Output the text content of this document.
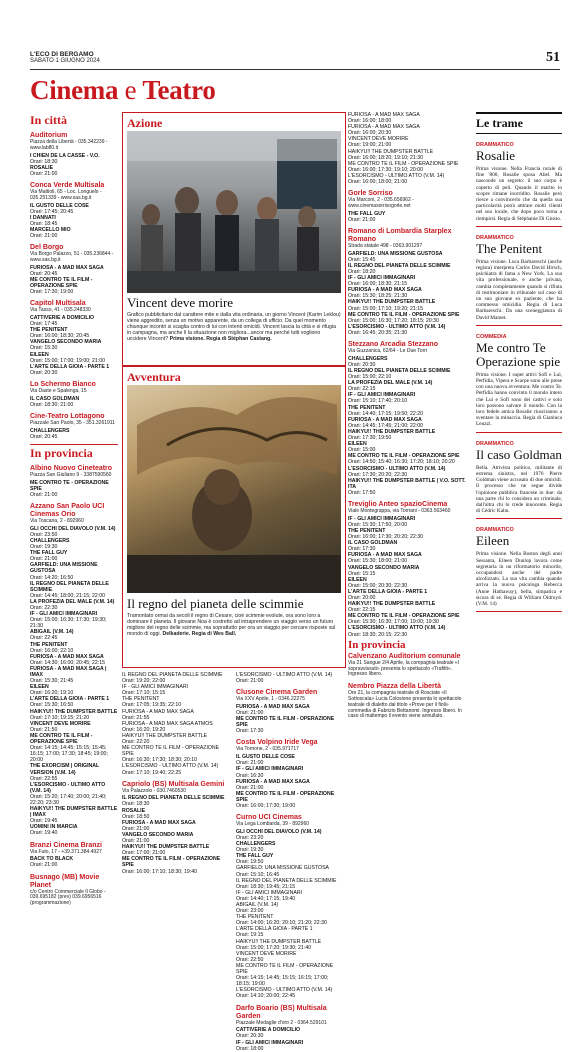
L'ECO DI BERGAMO
SABATO 1 GIUGNO 2024	51
Cinema e Teatro
In città
Auditorium
Piazza della Libertà - 035.342239 - www.lab80.it

I CHIEN DE LA CASSE - V.O.
Orari: 18:30

ROSALIE
Orari: 21:00

Conca Verde Multisala
Via Mattioli, 65 - Loc. Longuelo - 035.251339 - www.sas.bg.it

IL GUSTO DELLE COSE
Orari: 17:45; 20:45

I DANNATI
Orari: 18:45

MARCELLO MIO
Orari: 21:00

Del Borgo
Via Borgo Palazzo, 51 - 035.236844 - www.sas.bg.it

FURIOSA - A MAD MAX SAGA
Orari: 20:45

ME CONTRO TE IL FILM - OPERAZIONE SPIE
Orari: 17:30; 19:00

Capitol Multisala
Via Tasso, 41 - 035.248330

CATTIVERIE A DOMICILIO
Orari: 17:45

THE PENITENT
Orari: 16:00; 18:30; 20:45

VANGELO SECONDO MARIA
Orari: 15:30

EILEEN
Orari: 15:00; 17:00; 19:00; 21:00

L'ARTE DELLA GIOIA - PARTE 1
Orari: 20:30

Lo Schermo Bianco
Via Daste e Spalenga, 15

IL CASO GOLDMAN
Orari: 18:30; 21:00

Cine-Teatro Lottagono
Piazzale San Paolo, 35 - 351.3261911

CHALLENGERS
Orari: 20:45

In provincia
Albino Nuovo Cineteatro
Piazza San Giuliano 9 - 3387590560

ME CONTRO TE - OPERAZIONE SPIE
Orari: 21:00

Azzano San Paolo UCI Cinemas Orio
Via Toscana, 2 - 892960

GLI OCCHI DEL DIAVOLO (V.M. 14)
Orari: 23:50

CHALLENGERS
Orari: 19:30

THE FALL GUY
Orari: 21:00

GARFIELD: UNA MISSIONE GUSTOSA
Orari: 14:20; 16:50

IL REGNO DEL PIANETA DELLE SCIMMIE
Orari: 14:45; 18:00; 21:15; 22:00

LA PROFEZIA DEL MALE (V.M. 14)
Orari: 22:30

IF - GLI AMICI IMMAGINARI
Orari: 15:00; 16:30; 17:30; 19:30; 21:30

ABIGAIL (V.M. 14)
Orari: 22:45

THE PENITENT
Orari: 16:00; 22:10

FURIOSA - A MAD MAX SAGA
Orari: 14:30; 16:00; 20:45; 22:15

FURIOSA - A MAD MAX SAGA | IMAX
Orari: 15:30; 21:45

EILEEN
Orari: 16:20; 19:10

L'ARTE DELLA GIOIA - PARTE 1
Orari: 15:30; 16:50

HAIKYU!! THE DUMPSTER BATTLE
Orari: 17:10; 19:15; 21:20

VINCENT DEVE MORIRE
Orari: 21:50

ME CONTRO TE IL FILM - OPERAZIONE SPIE
Orari: 14:15; 14:45; 15:15; 15:45; 16:15; 17:00; 17:30; 18:45; 19:00; 20:00

THE EXORCISM | ORIGINAL VERSION (V.M. 14)
Orari: 22:55

L'ESORCISMO - ULTIMO ATTO (V.M. 14)
Orari: 15:20; 17:40; 20:00; 21:40; 22:20; 23:30

HAIKYU!! THE DUMPSTER BATTLE | IMAX
Orari: 19:45

UOMINI IN MARCIA
Orari: 19:40

Branzi Cinema Branzi
Via Futo, 17 - +39.371.384.4927

BACK TO BLACK
Orari: 21:00

Busnago (MB) Movie Planet
c/o Centro Commerciale Il Globo - 039.695182 (prev) 039.6956516 (programmazione)
Azione
Vincent deve morire
Grafico pubblicitario dal carattere mite e dalla vita ordinaria, un giorno Vincent (Karim Leklou) viene aggredito, senza un motivo apparente, da un collega di ufficio. Da quel momento chiunque incontri si scaglia contro di lui con intenti omicidi. Vincent lascia la città e si rifugia in campagna, ma anche lì la situazione non migliora...ancor ma perché tutti vogliono uccidere Vincent? Prima visione. Regia di Stéphan Castang.
Avventura
Il regno del pianeta delle scimmie
Tramontato ormai da secoli il regno di Cesare, cioè scimmie evolute, ora sono loro a dominare il pianeta. Il giovane Noa è costretto ad intraprendere un viaggio verso un futuro migliore del regno delle scimmie, ma soprattutto per ora un viaggio per cercare risposte sul mondo di oggi. Delkaderie. Regia di Wes Ball.

IL REGNO DEL PIANETA DELLE SCIMMIE
Orari: 19:20; 22:00

IF - GLI AMICI IMMAGINARI
Orari: 17:10; 15:15

THE PENITENT
Orari: 17:05; 19:35; 22:10

FURIOSA - A MAD MAX SAGA
Orari: 21:55

FURIOSA - A MAD MAX SAGA ATMOS
Orari: 16:20; 19:20

HAIKYU!! THE DUMPSTER BATTLE
Orari: 22:20

ME CONTRO TE IL FILM - OPERAZIONE SPIE
Orari: 16:30; 17:30; 18:30; 20:10

L'ESORCISMO - ULTIMO ATTO (V.M. 14)
Orari: 17:10; 19:40; 22:25

Capriolo (BS) Multisala Gemini
Via Palazzolo - 030.7460530

IL REGNO DEL PIANETA DELLE SCIMMIE
Orari: 18:30

ROSALIE
Orari: 18:50

FURIOSA - A MAD MAX SAGA
Orari: 21:00

VANGELO SECONDO MARIA
Orari: 21:00

HAIKYU!! THE DUMPSTER BATTLE
Orari: 17:00; 21:00

ME CONTRO TE IL FILM - OPERAZIONE SPIE
Orari: 16:00; 17:10; 18:30; 19:40

L'ESORCISMO - ULTIMO ATTO (V.M. 14)
Orari: 21:00

Clusone Cinema Garden
Via XXV Aprile, 1 - 0346.22275

FURIOSA - A MAD MAX SAGA
Orari: 21:00

ME CONTRO TE IL FILM - OPERAZIONE SPIE
Orari: 17:30

Costa Volpino Iride Vega
Via Torrione, 2 - 035.971717

IL GUSTO DELLE COSE
Orari: 21:00

IF - GLI AMICI IMMAGINARI
Orari: 16:30

FURIOSA - A MAD MAX SAGA
Orari: 21:00

ME CONTRO TE IL FILM - OPERAZIONE SPIE
Orari: 16:00; 17:30; 19:00

Curno UCI Cinemas
Via Lega Lombarda, 39 - 892960

GLI OCCHI DEL DIAVOLO (V.M. 14)
Orari: 23:20

CHALLENGERS
Orari: 19:30

THE FALL GUY
Orari: 19:50

GARFIELD: UNA MISSIONE GUSTOSA
Orari: 15:10; 16:45

IL REGNO DEL PIANETA DELLE SCIMMIE
Orari: 18:30; 19:45; 21:15

IF - GLI AMICI IMMAGINARI
Orari: 14:40; 17:15; 19:40

ABIGAIL (V.M. 14)
Orari: 23:00

THE PENITENT
Orari: 14:00; 16:20; 20:10; 21:20; 22:30

L'ARTE DELLA GIOIA - PARTE 1
Orari: 19:15

HAIKYU!! THE DUMPSTER BATTLE
Orari: 15:00; 17:20; 19:30; 21:40

VINCENT DEVE MORIRE
Orari: 22:50

ME CONTRO TE IL FILM - OPERAZIONE SPIE
Orari: 14:15; 14:45; 15:15; 16:15; 17:00; 18:15; 19:00

L'ESORCISMO - ULTIMO ATTO (V.M. 14)
Orari: 14:10; 20:00; 22:45

Darfo Boario (BS) Multisala Garden
Piazzale Medaglie d'oro 2 - 0364.529101

CATTIVERIE A DOMICILIO
Orari: 20:30

IF - GLI AMICI IMMAGINARI
Orari: 18:00

FURIOSA - A MAD MAX SAGA
Orari: 16:00; 18:00

FURIOSA - A MAD MAX SAGA
Orari: 16:00; 20:30

VINCENT DEVE MORIRE
Orari: 19:00; 21:00

HAIKYU!! THE DUMPSTER BATTLE
Orari: 16:00; 18:20; 19:10; 21:30

ME CONTRO TE IL FILM - OPERAZIONE SPIE
Orari: 16:00; 17:30; 19:10; 20:00

L'ESORCISMO - ULTIMO ATTO (V.M. 14)
Orari: 16:00; 18:00; 21:00

Gorle Sorriso
Via Marconi, 2 - 035.656962 - www.cinemasorrisogorle.net

THE FALL GUY
Orari: 21:00

Romano di Lombardia Starplex Romano
Strada statale 498 - 0363.901297

GARFIELD: UNA MISSIONE GUSTOSA
Orari: 15:45

IL REGNO DEL PIANETA DELLE SCIMMIE
Orari: 18:20

IF - GLI AMICI IMMAGINARI
Orari: 16:00; 18:30; 21:15

FURIOSA - A MAD MAX SAGA
Orari: 15:30; 18:25; 21:30

HAIKYU!! THE DUMPSTER BATTLE
Orari: 15:00; 17:10; 19:20; 21:15

ME CONTRO TE IL FILM - OPERAZIONE SPIE
Orari: 15:00; 16:30; 17:20; 18:15; 20:30

L'ESORCISMO - ULTIMO ATTO (V.M. 14)
Orari: 16:45; 20:35; 21:30

Stezzano Arcadia Stezzano
Via Guzzanica, 62/64 - Le Due Torri

CHALLENGERS
Orari: 20:30

IL REGNO DEL PIANETA DELLE SCIMMIE
Orari: 15:00; 22:10

LA PROFEZIA DEL MALE (V.M. 14)
Orari: 22:15

IF - GLI AMICI IMMAGINARI
Orari: 15:10; 17:40; 20:10

THE PENITENT
Orari: 14:40; 17:15; 19:50; 22:20

FURIOSA - A MAD MAX SAGA
Orari: 14:45; 17:45; 21:00; 22:00

HAIKYU!! THE DUMPSTER BATTLE
Orari: 17:30; 19:50

EILEEN
Orari: 15:00

ME CONTRO TE IL FILM - OPERAZIONE SPIE
Orari: 14:50; 15:40; 16:30; 17:20; 18:10; 20:20

L'ESORCISMO - ULTIMO ATTO (V.M. 14)
Orari: 17:30; 20:20; 22:30

HAIKYU!! THE DUMPSTER BATTLE | V.O. SOTT. ITA
Orari: 17:50

Treviglio Anteo spazioCinema
Viale Montegrappa, via Torriani - 0363.563460

IF - GLI AMICI IMMAGINARI
Orari: 15:30; 17:50; 20:00

THE PENITENT
Orari: 16:00; 17:30; 20:20; 22:30

IL CASO GOLDMAN
Orari: 17:30

FURIOSA - A MAD MAX SAGA
Orari: 15:30; 18:00; 21:00

VANGELO SECONDO MARIA
Orari: 15:15

EILEEN
Orari: 15:00; 20:30; 22:30

L'ARTE DELLA GIOIA - PARTE 1
Orari: 20:00

HAIKYU!! THE DUMPSTER BATTLE
Orari: 22:15

ME CONTRO TE IL FILM - OPERAZIONE SPIE
Orari: 15:30; 16:30; 17:00; 19:00; 19:30

L'ESORCISMO - ULTIMO ATTO (V.M. 14)
Orari: 18:30; 20:15; 22:30

In provincia
Calvenzano Auditorium comunale
Via 21 Sangue 2/4 Aprile, la compagnia teatrale «I sopravvissuti» presenta lo spettacolo «Trafitti». Ingresso libero.
Nembro Piazza della Libertà
Ore 21, la compagnia teatrale di Rosciate «Il Sottoscala» Lucia Colosione presenta lo spettacolo teatrale di dialetto dal titolo «Prove per il fioli» commedia di Fabrizio Bettanomi. Ingresso libero. In caso di maltempo il evento viene annullato.
Le trame
DRAMMATICO
Rosalie
Prima visione. Nella Francia rurale di fine '800, Rosalie sposa Abel. Ma nasconde un segreto: il suo corpo è coperto di peli. Quando il marito lo scopre rimane inorridito. Rosalie però riesce a convincerlo che da quella sua particolarità potrà attirare molti clienti nel suo locale, che dopo poco torna a riempirsi. Regia di Stéphanie Di Giusto.
DRAMMATICO
The Penitent
Prima visione. Luca Barbareschi (anche regista) interpreta Carlos David Hirsch, psichiatra di fama a New York. La sua vita professionale, e anche privata, cambia completamente quando si rifiuta di testimoniare in tribunale sul caso di un suo giovane ex paziente, che ha commesso omicidio. Regia di Luca Barbareschi. Da una sceneggiatura di David Mamet.
COMMEDIA
Me contro Te Operazione spie
Prima visione. I super attivi Sofì e Luì, Perfidia, Vipera e Scarpe sono alle prese con una nuova avventura: Me contro Te. Perfidia hanno convinto il mondo intero che Luì e Sofì sono dei cattivi e solo loro possono salvare il mondo. Con la loro fedele amica Rosalie riusciranno a sventare la minaccia. Regia di Gianluca Leuzzi.
DRAMMATICO
Il caso Goldman
Bella. Attivista politico, militante di estrema sinistra, nel 1976 Pierre Goldman viene accusato di due omicidi. Il processo che ne segue divide l'opinione pubblica francese in due: da una parte chi lo considera un criminale, dall'altra chi lo crede innocente. Regia di Cédric Kahn.
DRAMMATICO
Eileen
Prima visione. Nella Boston degli anni Sessanta, Eileen Dunlop lavora come segretaria in un riformatorio minorile, occupandosi anche del padre alcolizzato. La sua vita cambia quando arriva la nuova psicologa Rebecca (Anne Hathaway), bella, simpatica e sicura di sé. Regia di William Oldroyd. (V.M. 14)
